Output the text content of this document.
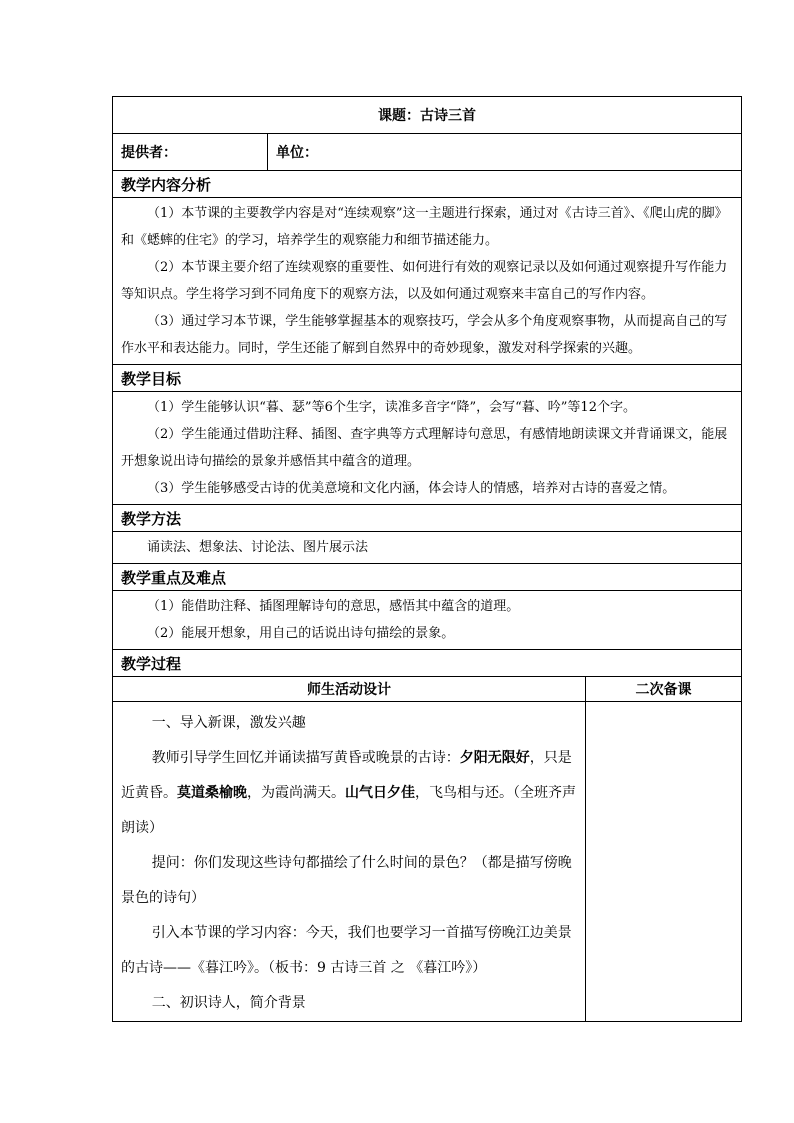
课题：古诗三首		
提供者：	单位：	
教学内容分析		

（1）本节课的主要教学内容是对“连续观察”这一主题进行探索，通过对《古诗三首》、《爬山虎的脚》和《蟋蟀的住宅》的学习，培养学生的观察能力和细节描述能力。

（2）本节课主要介绍了连续观察的重要性、如何进行有效的观察记录以及如何通过观察提升写作能力等知识点。学生将学习到不同角度下的观察方法，以及如何通过观察来丰富自己的写作内容。

（3）通过学习本节课，学生能够掌握基本的观察技巧，学会从多个角度观察事物，从而提高自己的写作水平和表达能力。同时，学生还能了解到自然界中的奇妙现象，激发对科学探索的兴趣。		

教学目标		

（1）学生能够认识“暮、瑟”等6个生字，读准多音字“降”，会写“暮、吟”等12个字。

（2）学生能通过借助注释、插图、查字典等方式理解诗句意思，有感情地朗读课文并背诵课文，能展开想象说出诗句描绘的景象并感悟其中蕴含的道理。

（3）学生能够感受古诗的优美意境和文化内涵，体会诗人的情感，培养对古诗的喜爱之情。		

教学方法		

诵读法、想象法、讨论法、图片展示法		

教学重点及难点		

（1）能借助注释、插图理解诗句的意思，感悟其中蕴含的道理。

（2）能展开想象，用自己的话说出诗句描绘的景象。		

教学过程		
师生活动设计		二次备课

一、导入新课，激发兴趣

教师引导学生回忆并诵读描写黄昏或晚景的古诗：夕阳无限好，只是近黄昏。莫道桑榆晚，为霞尚满天。山气日夕佳，飞鸟相与还。（全班齐声朗读）

提问：你们发现这些诗句都描绘了什么时间的景色？（都是描写傍晚景色的诗句）

引入本节课的学习内容：今天，我们也要学习一首描写傍晚江边美景的古诗——《暮江吟》。（板书：9 古诗三首 之 《暮江吟》）

二、初识诗人，简介背景		
